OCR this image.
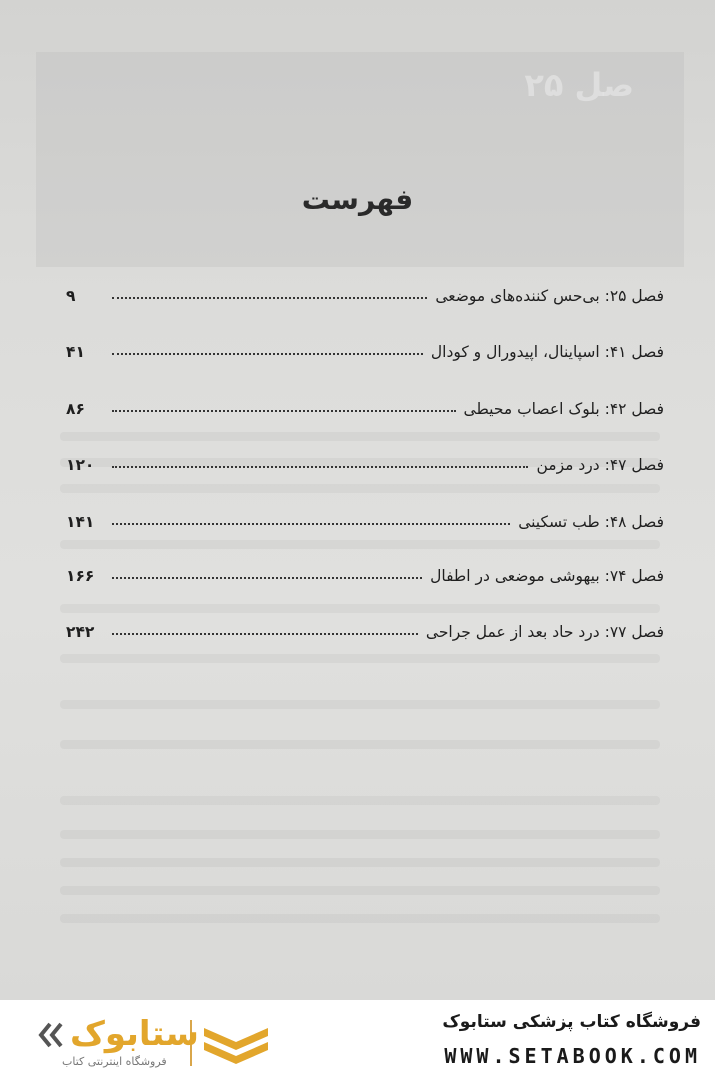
صل ۲۵
فهرست
فصل ۲۵: بی‌حس کننده‌های موضعی
۹
فصل ۴۱: اسپاینال، اپیدورال و کودال
۴۱
فصل ۴۲: بلوک اعصاب محیطی
۸۶
فصل ۴۷: درد مزمن
۱۲۰
فصل ۴۸: طب تسکینی
۱۴۱
فصل ۷۴: بیهوشی موضعی در اطفال
۱۶۶
فصل ۷۷: درد حاد بعد از عمل جراحی
۲۴۲
فروشگاه کتاب پزشکی ستابوک
WWW.SETABOOK.COM
ستابوک
فروشگاه اینترنتی کتاب
